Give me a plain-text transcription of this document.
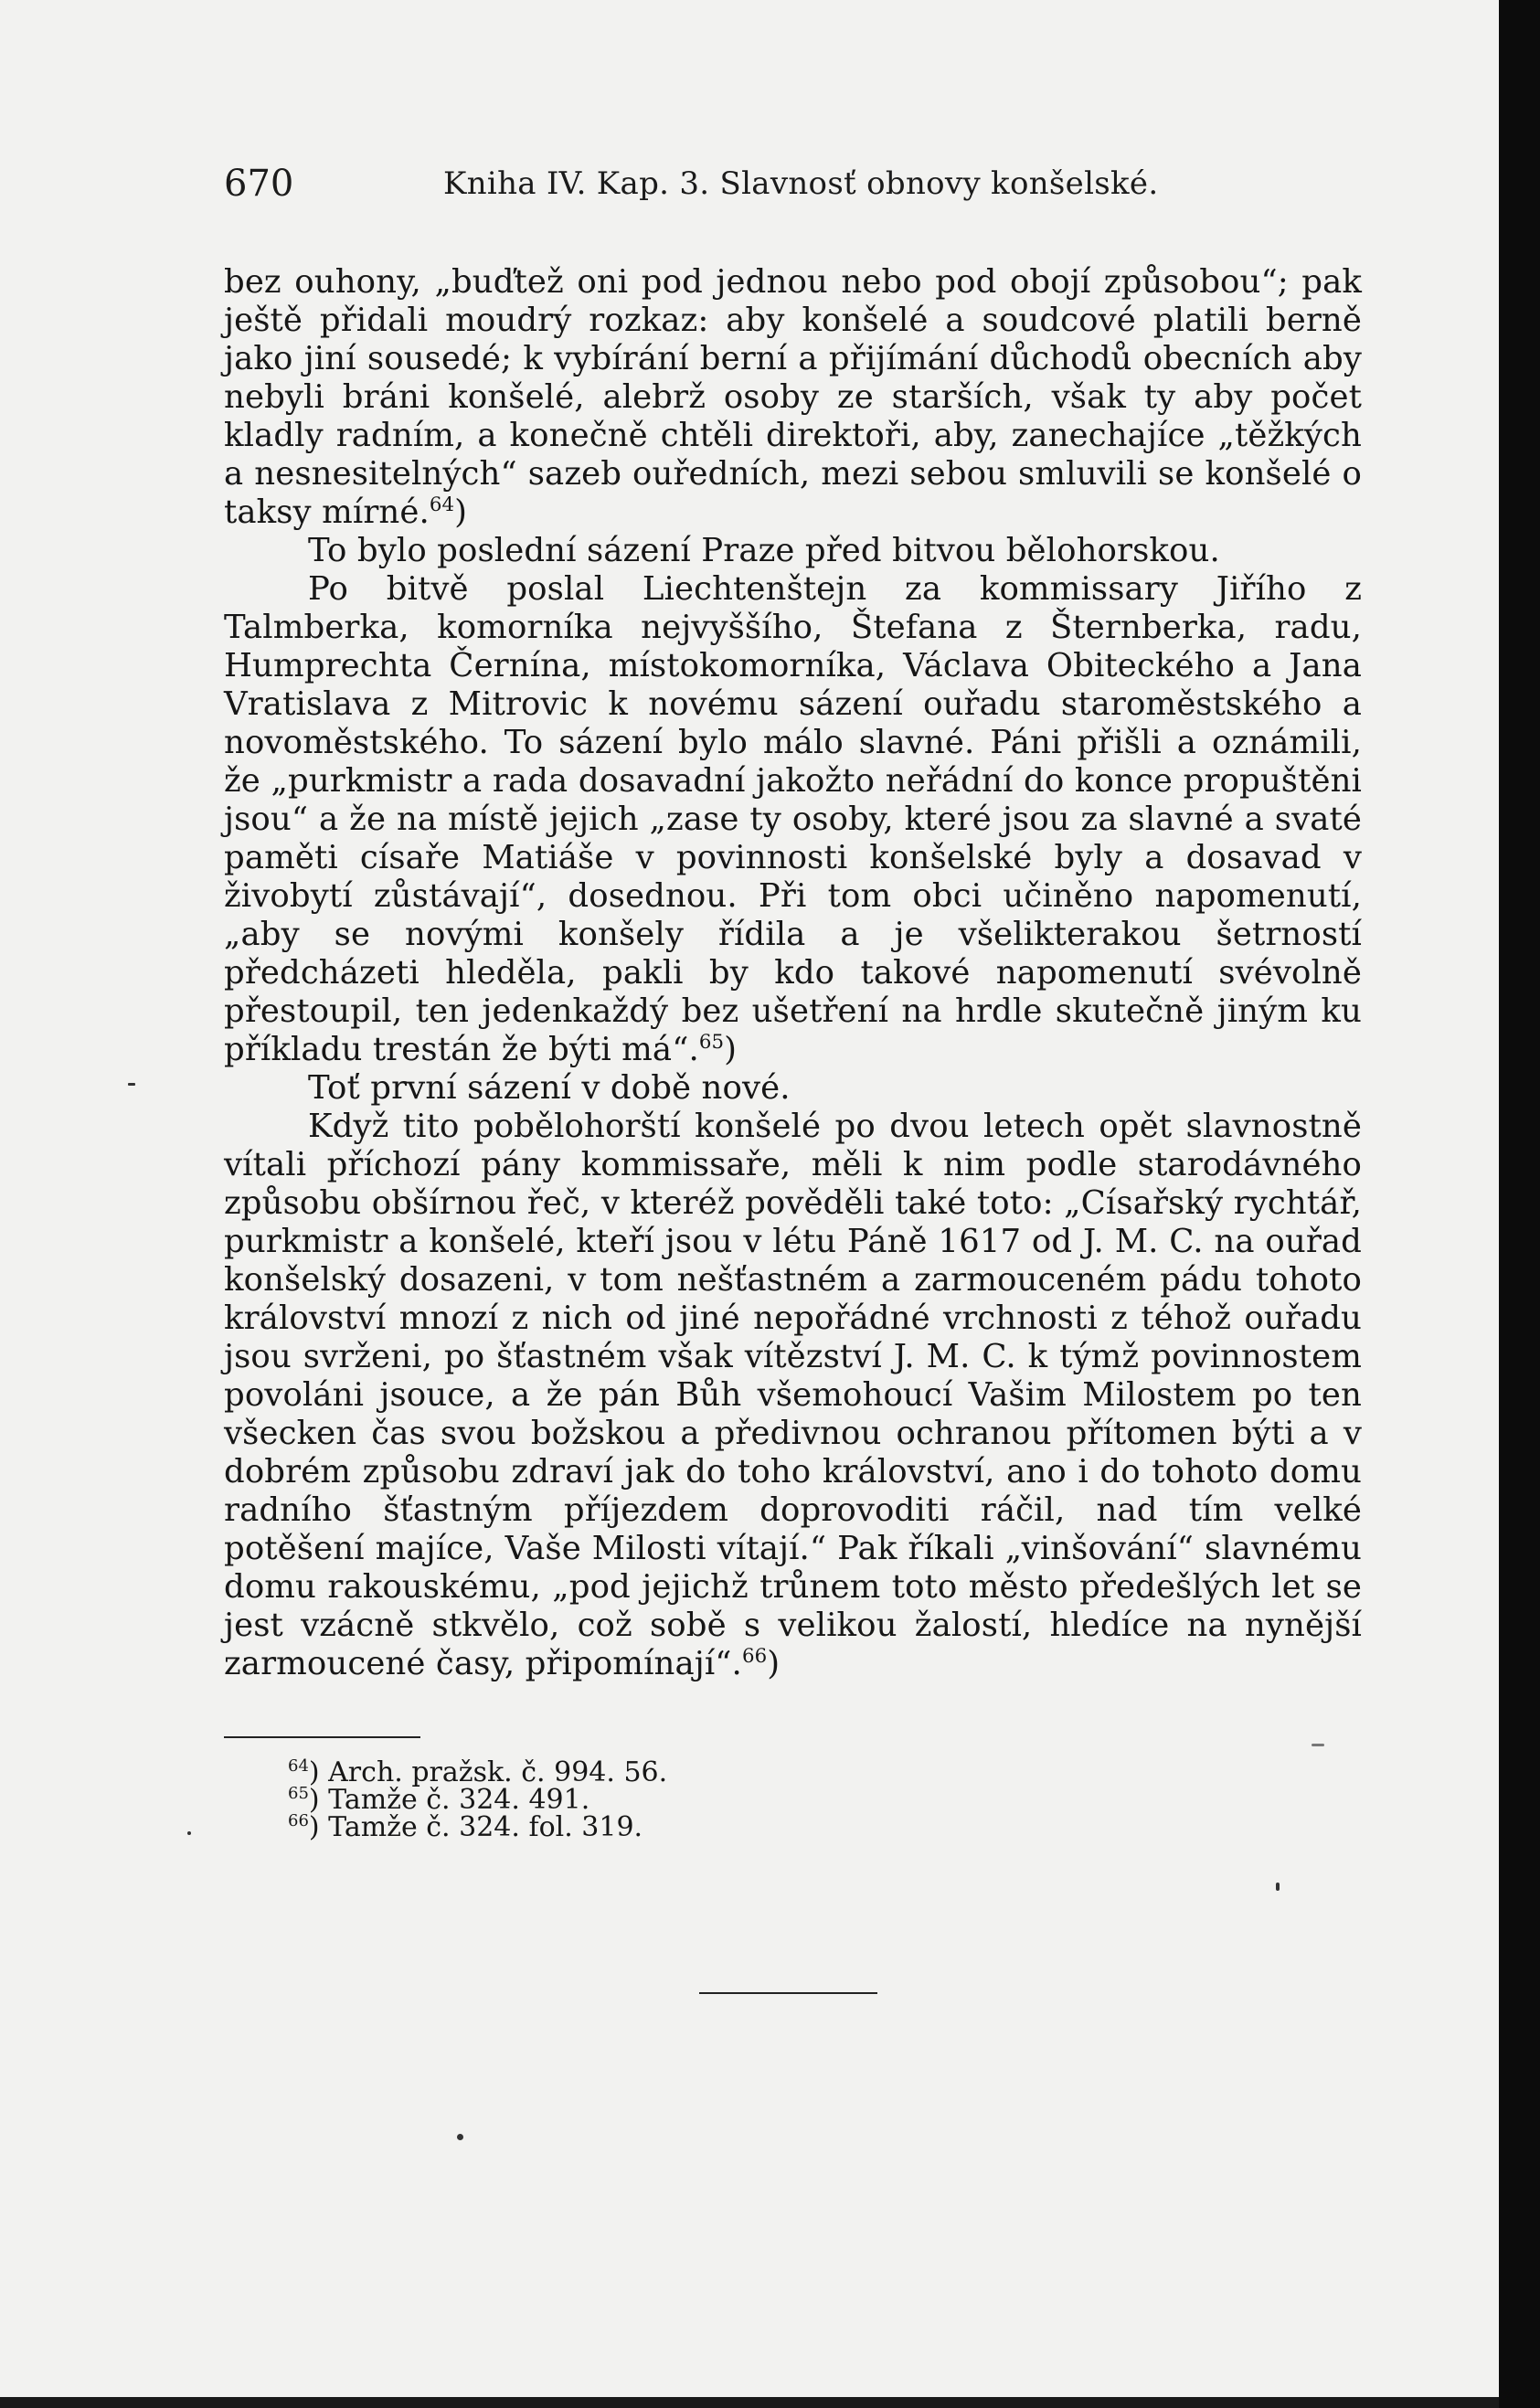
670	Kniha IV. Kap. 3. Slavnosť obnovy konšelské.

bez ouhony, „buďtež oni pod jednou nebo pod obojí způsobou“; pak ještě přidali moudrý rozkaz: aby konšelé a soudcové platili berně jako jiní sousedé; k vybírání berní a přijímání důchodů obecních aby nebyli bráni konšelé, alebrž osoby ze starších, však ty aby počet kladly radním, a konečně chtěli direktoři, aby, zanechajíce „těžkých a nesnesitelných“ sazeb ouředních, mezi sebou smluvili se konšelé o taksy mírné.$^{64}$)

To bylo poslední sázení Praze před bitvou bělohorskou.

Po bitvě poslal Liechtenštejn za kommissary Jiřího z Talmberka, komorníka nejvyššího, Štefana z Šternberka, radu, Humprechta Černína, místokomorníka, Václava Obiteckého a Jana Vratislava z Mitrovic k novému sázení ouřadu staroměstského a novoměstského. To sázení bylo málo slavné. Páni přišli a oznámili, že „purkmistr a rada dosavadní jakožto neřádní do konce propuštěni jsou“ a že na místě jejich „zase ty osoby, které jsou za slavné a svaté paměti císaře Matiáše v povinnosti konšelské byly a dosavad v živobytí zůstávají“, dosednou. Při tom obci učiněno napomenutí, „aby se novými konšely řídila a je všelikterakou šetrností předcházeti hleděla, pakli by kdo takové napomenutí svévolně přestoupil, ten jedenkaždý bez ušetření na hrdle skutečně jiným ku příkladu trestán že býti má“.$^{65}$)

Toť první sázení v době nové.

Když tito pobělohorští konšelé po dvou letech opět slavnostně vítali příchozí pány kommissaře, měli k nim podle starodávného způsobu obšírnou řeč, v kteréž pověděli také toto: „Císařský rychtář, purkmistr a konšelé, kteří jsou v létu Páně 1617 od J. M. C. na ouřad konšelský dosazeni, v tom nešťastném a zarmouceném pádu tohoto království mnozí z nich od jiné nepořádné vrchnosti z téhož ouřadu jsou svrženi, po šťastném však vítězství J. M. C. k týmž povinnostem povoláni jsouce, a že pán Bůh všemohoucí Vašim Milostem po ten všecken čas svou božskou a předivnou ochranou přítomen býti a v dobrém způsobu zdraví jak do toho království, ano i do tohoto domu radního šťastným příjezdem doprovoditi ráčil, nad tím velké potěšení majíce, Vaše Milosti vítají.“ Pak říkali „vinšování“ slavnému domu rakouskému, „pod jejichž trůnem toto město předešlých let se jest vzácně stkvělo, což sobě s velikou žalostí, hledíce na nynější zarmoucené časy, připomínají“.$^{66}$)

$^{64}$) Arch. pražsk. č. 994. 56.
$^{65}$) Tamže č. 324. 491.
$^{66}$) Tamže č. 324. fol. 319.
